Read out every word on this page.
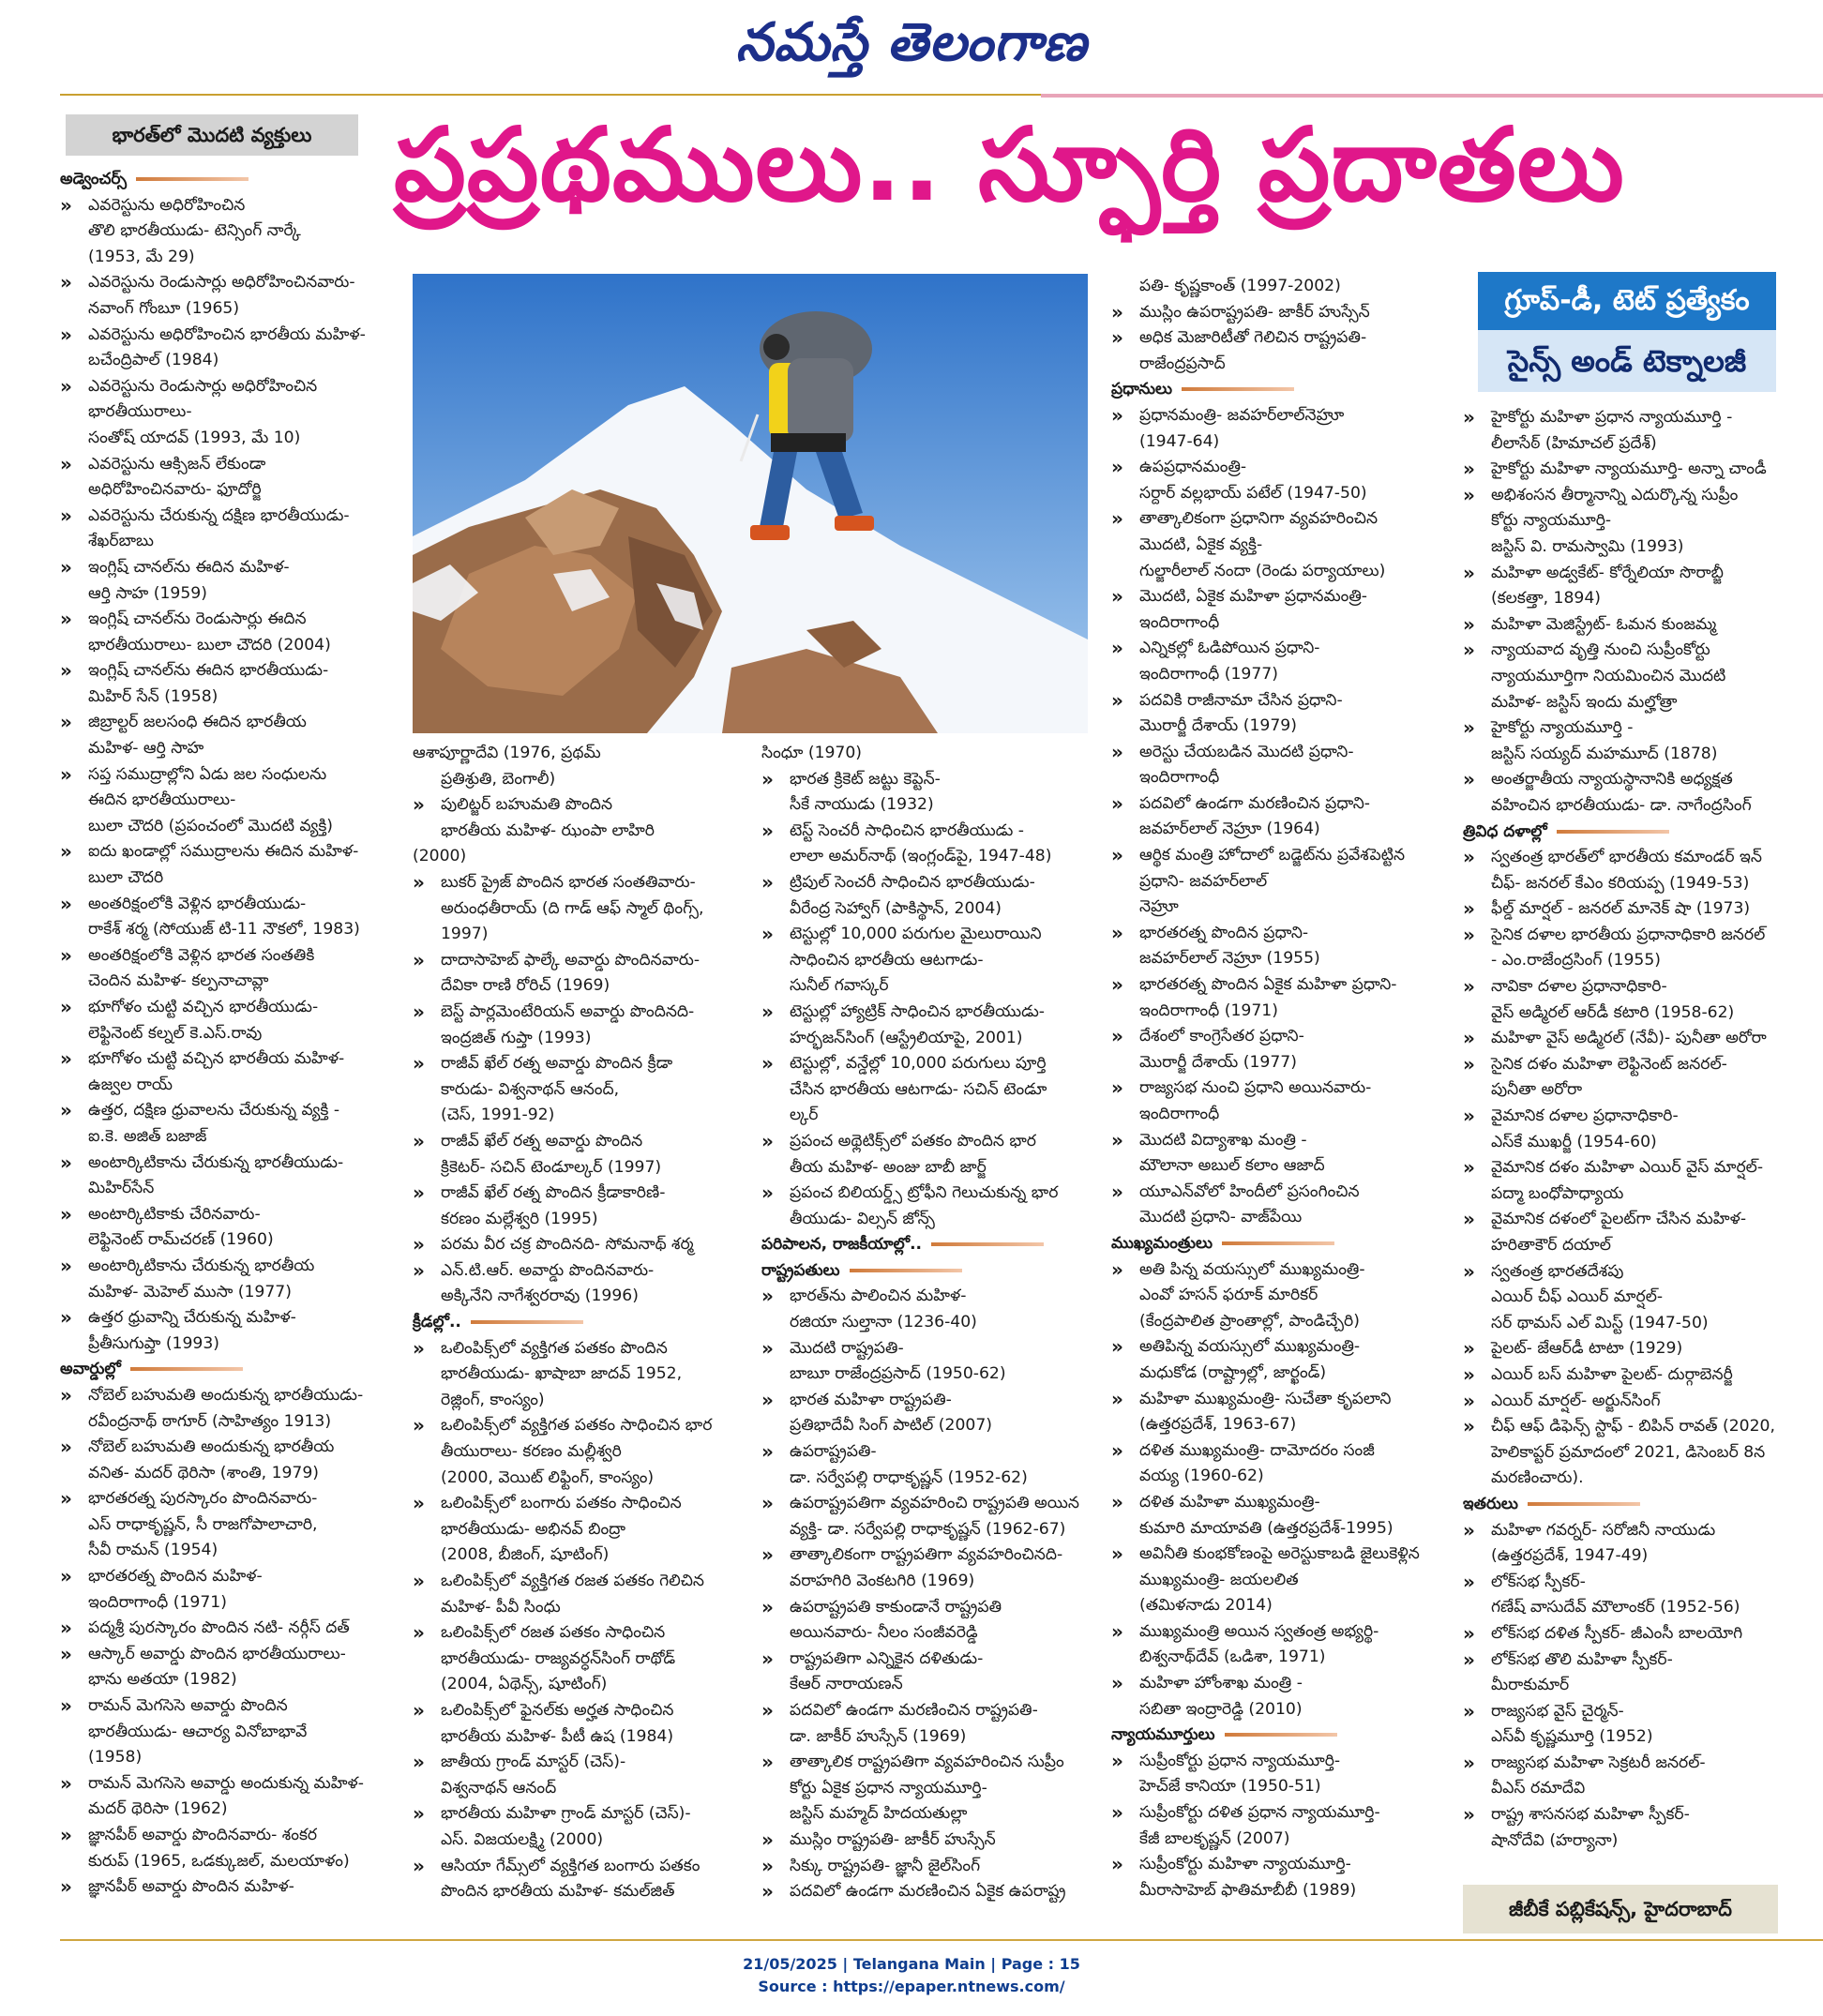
నమస్తే తెలంగాణ
భారత్‌లో మొదటి వ్యక్తులు ప్రప్రథములు.. స్ఫూర్తి ప్రదాతలు
గ్రూప్‌-డీ, టెట్‌ ప్రత్యేకం
సైన్స్‌ అండ్‌ టెక్నాలజీ

అడ్వెంచర్స్‌

» ఎవరెస్టును అధిరోహించిన

తొలి భారతీయుడు- టెన్సింగ్‌ నార్కే

(1953, మే 29)

» ఎవరెస్టును రెండుసార్లు అధిరోహించినవారు-

నవాంగ్‌ గోంబూ (1965)

» ఎవరెస్టును అధిరోహించిన భారతీయ మహిళ-

బచేంద్రిపాల్‌ (1984)

» ఎవరెస్టును రెండుసార్లు అధిరోహించిన

భారతీయురాలు-

సంతోష్‌ యాదవ్‌ (1993, మే 10)

» ఎవరెస్టును ఆక్సిజన్‌ లేకుండా

అధిరోహించినవారు- ఫూదోర్జి

» ఎవరెస్టును చేరుకున్న దక్షిణ భారతీయుడు-

శేఖర్‌బాబు

» ఇంగ్లిష్‌ చానల్‌ను ఈదిన మహిళ-

ఆర్తి సాహ (1959)

» ఇంగ్లిష్‌ చానల్‌ను రెండుసార్లు ఈదిన

భారతీయురాలు- బులా చౌదరి (2004)

» ఇంగ్లిష్‌ చానల్‌ను ఈదిన భారతీయుడు-

మిహిర్‌ సేన్‌ (1958)

» జిబ్రాల్టర్‌ జలసంధి ఈదిన భారతీయ

మహిళ- ఆర్తి సాహ

» సప్త సముద్రాల్లోని ఏడు జల సంధులను

ఈదిన భారతీయురాలు-

బులా చౌదరి (ప్రపంచంలో మొదటి వ్యక్తి)

» ఐదు ఖండాల్లో సముద్రాలను ఈదిన మహిళ-

బులా చౌదరి

» అంతరిక్షంలోకి వెళ్లిన భారతీయుడు-

రాకేశ్‌ శర్మ (సోయుజ్‌ టి-11 నౌకలో, 1983)

» అంతరిక్షంలోకి వెళ్లిన భారత సంతతికి

చెందిన మహిళ- కల్పనాచావ్లా

» భూగోళం చుట్టి వచ్చిన భారతీయుడు-

లెఫ్టినెంట్‌ కల్నల్‌ కె.ఎస్‌.రావు

» భూగోళం చుట్టి వచ్చిన భారతీయ మహిళ-

ఉజ్వల రాయ్‌

» ఉత్తర, దక్షిణ ధ్రువాలను చేరుకున్న వ్యక్తి -

ఐ.కె. అజిత్‌ బజాజ్‌

» అంటార్కిటికాను చేరుకున్న భారతీయుడు-

మిహిర్‌సేన్‌

» అంటార్కిటికాకు చేరినవారు-

లెఫ్టినెంట్‌ రామ్‌చరణ్‌ (1960)

» అంటార్కిటికాను చేరుకున్న భారతీయ

మహిళ- మెహెల్‌ ముసా (1977)

» ఉత్తర ధ్రువాన్ని చేరుకున్న మహిళ-

ప్రీతీసుగుప్తా (1993)

అవార్డుల్లో

» నోబెల్‌ బహుమతి అందుకున్న భారతీయుడు-

రవీంద్రనాథ్‌ ఠాగూర్‌ (సాహిత్యం 1913)

» నోబెల్‌ బహుమతి అందుకున్న భారతీయ

వనిత- మదర్‌ థెరిసా (శాంతి, 1979)

» భారతరత్న పురస్కారం పొందినవారు-

ఎస్‌ రాధాకృష్ణన్‌, సీ రాజగోపాలాచారి,

సీవీ రామన్‌ (1954)

» భారతరత్న పొందిన మహిళ-

ఇందిరాగాంధీ (1971)

» పద్మశ్రీ పురస్కారం పొందిన నటి- నర్గీస్‌ దత్‌

» ఆస్కార్‌ అవార్డు పొందిన భారతీయురాలు-

భాను అతయా (1982)

» రామన్‌ మెగసెసె అవార్డు పొందిన

భారతీయుడు- ఆచార్య వినోబాభావే

(1958)

» రామన్‌ మెగసెసె అవార్డు అందుకున్న మహిళ-

మదర్‌ థెరిసా (1962)

» జ్ఞానపీఠ్‌ అవార్డు పొందినవారు- శంకర

కురుప్‌ (1965, ఒడక్కుజల్‌, మలయాళం)

» జ్ఞానపీఠ్‌ అవార్డు పొందిన మహిళ-

ఆశాపూర్ణాదేవి (1976, ప్రథమ్‌

ప్రతిశ్రుతి, బెంగాలీ)

» పులిట్జర్‌ బహుమతి పొందిన

భారతీయ మహిళ- ఝంపా లాహిరి

(2000)

» బుకర్‌ ప్రైజ్‌ పొందిన భారత సంతతివారు-

అరుంధతీరాయ్‌ (ది గాడ్‌ ఆఫ్‌ స్మాల్‌ థింగ్స్‌,

1997)

» దాదాసాహెబ్‌ ఫాల్కే అవార్డు పొందినవారు-

దేవికా రాణి రోరిచ్‌ (1969)

» బెస్ట్‌ పార్లమెంటేరియన్‌ అవార్డు పొందినది-

ఇంద్రజిత్‌ గుప్తా (1993)

» రాజీవ్‌ ఖేల్‌ రత్న అవార్డు పొందిన క్రీడా

కారుడు- విశ్వనాథన్‌ ఆనంద్‌,

(చెస్‌, 1991-92)

» రాజీవ్‌ ఖేల్‌ రత్న అవార్డు పొందిన

క్రికెటర్‌- సచిన్‌ టెండూల్కర్‌ (1997)

» రాజీవ్‌ ఖేల్‌ రత్న పొందిన క్రీడాకారిణి-

కరణం మల్లేశ్వరి (1995)

» పరమ వీర చక్ర పొందినది- సోమనాథ్‌ శర్మ

» ఎన్‌.టి.ఆర్‌. అవార్డు పొందినవారు-

అక్కినేని నాగేశ్వరరావు (1996)

క్రీడల్లో..

» ఒలింపిక్స్‌లో వ్యక్తిగత పతకం పొందిన

భారతీయుడు- ఖాషాబా జాదవ్‌ 1952,

రెజ్లింగ్‌, కాంస్యం)

» ఒలింపిక్స్‌లో వ్యక్తిగత పతకం సాధించిన భార

తీయురాలు- కరణం మల్లీశ్వరి

(2000, వెయిట్‌ లిఫ్టింగ్‌, కాంస్యం)

» ఒలింపిక్స్‌లో బంగారు పతకం సాధించిన

భారతీయుడు- అభినవ్‌ బింద్రా

(2008, బీజింగ్‌, షూటింగ్‌)

» ఒలింపిక్స్‌లో వ్యక్తిగత రజత పతకం గెలిచిన

మహిళ- పీవీ సింధు

» ఒలింపిక్స్‌లో రజత పతకం సాధించిన

భారతీయుడు- రాజ్యవర్ధన్‌సింగ్‌ రాథోడ్‌

(2004, ఏథెన్స్‌, షూటింగ్‌)

» ఒలింపిక్స్‌లో ఫైనల్‌కు అర్హత సాధించిన

భారతీయ మహిళ- పీటీ ఉష (1984)

» జాతీయ గ్రాండ్‌ మాస్టర్‌ (చెస్‌)-

విశ్వనాథన్‌ ఆనంద్‌

» భారతీయ మహిళా గ్రాండ్‌ మాస్టర్‌ (చెస్‌)-

ఎస్‌. విజయలక్ష్మి (2000)

» ఆసియా గేమ్స్‌లో వ్యక్తిగత బంగారు పతకం

పొందిన భారతీయ మహిళ- కమల్‌జిత్‌

సింధూ (1970)

» భారత క్రికెట్‌ జట్టు కెప్టెన్‌-

సీకే నాయుడు (1932)

» టెస్ట్‌ సెంచరీ సాధించిన భారతీయుడు -

లాలా అమర్‌నాథ్‌ (ఇంగ్లండ్‌పై, 1947-48)

» ట్రిపుల్‌ సెంచరీ సాధించిన భారతీయుడు-

వీరేంద్ర సెహ్వాగ్‌ (పాకిస్థాన్‌, 2004)

» టెస్టుల్లో 10,000 పరుగుల మైలురాయిని

సాధించిన భారతీయ ఆటగాడు-

సునీల్‌ గవాస్కర్‌

» టెస్టుల్లో హ్యాట్రిక్‌ సాధించిన భారతీయుడు-

హర్భజన్‌సింగ్‌ (ఆస్ట్రేలియాపై, 2001)

» టెస్టుల్లో, వన్డేల్లో 10,000 పరుగులు పూర్తి

చేసిన భారతీయ ఆటగాడు- సచిన్‌ టెండూ

ల్కర్‌

» ప్రపంచ అథ్లెటిక్స్‌లో పతకం పొందిన భార

తీయ మహిళ- అంజు బాబీ జార్జ్‌

» ప్రపంచ బిలియర్డ్స్‌ ట్రోఫీని గెలుచుకున్న భార

తీయుడు- విల్సన్‌ జోన్స్‌

పరిపాలన, రాజకీయాల్లో..

రాష్ట్రపతులు

» భారత్‌ను పాలించిన మహిళ-

రజియా సుల్తానా (1236-40)

» మొదటి రాష్ట్రపతి-

బాబూ రాజేంద్రప్రసాద్‌ (1950-62)

» భారత మహిళా రాష్ట్రపతి-

ప్రతిభాదేవీ సింగ్‌ పాటిల్‌ (2007)

» ఉపరాష్ట్రపతి-

డా. సర్వేపల్లి రాధాకృష్ణన్‌ (1952-62)

» ఉపరాష్ట్రపతిగా వ్యవహరించి రాష్ట్రపతి అయిన

వ్యక్తి- డా. సర్వేపల్లి రాధాకృష్ణన్‌ (1962-67)

» తాత్కాలికంగా రాష్ట్రపతిగా వ్యవహరించినది-

వరాహగిరి వెంకటగిరి (1969)

» ఉపరాష్ట్రపతి కాకుండానే రాష్ట్రపతి

అయినవారు- నీలం సంజీవరెడ్డి

» రాష్ట్రపతిగా ఎన్నికైన దళితుడు-

కేఆర్‌ నారాయణన్‌

» పదవిలో ఉండగా మరణించిన రాష్ట్రపతి-

డా. జాకీర్‌ హుస్సేన్‌ (1969)

» తాత్కాలిక రాష్ట్రపతిగా వ్యవహరించిన సుప్రీం

కోర్టు ఏకైక ప్రధాన న్యాయమూర్తి-

జస్టిస్‌ మహ్మద్‌ హిదయతుల్లా

» ముస్లిం రాష్ట్రపతి- జాకీర్‌ హుస్సేన్‌

» సిక్కు రాష్ట్రపతి- జ్ఞానీ జైల్‌సింగ్‌

» పదవిలో ఉండగా మరణించిన ఏకైక ఉపరాష్ట్ర

పతి- కృష్ణకాంత్‌ (1997-2002)

» ముస్లిం ఉపరాష్ట్రపతి- జాకీర్‌ హుస్సేన్‌

» అధిక మెజారిటీతో గెలిచిన రాష్ట్రపతి-

రాజేంద్రప్రసాద్‌

ప్రధానులు

» ప్రధానమంత్రి- జవహర్‌లాల్‌నెహ్రూ

(1947-64)

» ఉపప్రధానమంత్రి-

సర్దార్‌ వల్లభాయ్‌ పటేల్‌ (1947-50)

» తాత్కాలికంగా ప్రధానిగా వ్యవహరించిన

మొదటి, ఏకైక వ్యక్తి-

గుల్జారీలాల్‌ నందా (రెండు పర్యాయాలు)

» మొదటి, ఏకైక మహిళా ప్రధానమంత్రి-

ఇందిరాగాంధీ

» ఎన్నికల్లో ఓడిపోయిన ప్రధాని-

ఇందిరాగాంధీ (1977)

» పదవికి రాజీనామా చేసిన ప్రధాని-

మొరార్జీ దేశాయ్‌ (1979)

» అరెస్టు చేయబడిన మొదటి ప్రధాని-

ఇందిరాగాంధీ

» పదవిలో ఉండగా మరణించిన ప్రధాని-

జవహర్‌లాల్‌ నెహ్రూ (1964)

» ఆర్థిక మంత్రి హోదాలో బడ్జెట్‌ను ప్రవేశపెట్టిన

ప్రధాని- జవహర్‌లాల్‌

నెహ్రూ

» భారతరత్న పొందిన ప్రధాని-

జవహర్‌లాల్‌ నెహ్రూ (1955)

» భారతరత్న పొందిన ఏకైక మహిళా ప్రధాని-

ఇందిరాగాంధీ (1971)

» దేశంలో కాంగ్రెసేతర ప్రధాని-

మొరార్జీ దేశాయ్‌ (1977)

» రాజ్యసభ నుంచి ప్రధాని అయినవారు-

ఇందిరాగాంధీ

» మొదటి విద్యాశాఖ మంత్రి -

మౌలానా అబుల్‌ కలాం ఆజాద్‌

» యూఎన్‌వోలో హిందీలో ప్రసంగించిన

మొదటి ప్రధాని- వాజ్‌పేయి

ముఖ్యమంత్రులు

» అతి పిన్న వయస్సులో ముఖ్యమంత్రి-

ఎంవో హసన్‌ ఫరూక్‌ మారికర్‌

(కేంద్రపాలిత ప్రాంతాల్లో, పాండిచ్చేరి)

» అతిపిన్న వయస్సులో ముఖ్యమంత్రి-

మధుకోడ (రాష్ట్రాల్లో, జార్ఖండ్‌)

» మహిళా ముఖ్యమంత్రి- సుచేతా కృపలాని

(ఉత్తరప్రదేశ్‌, 1963-67)

» దళిత ముఖ్యమంత్రి- దామోదరం సంజీ

వయ్య (1960-62)

» దళిత మహిళా ముఖ్యమంత్రి-

కుమారి మాయావతి (ఉత్తరప్రదేశ్‌-1995)

» అవినీతి కుంభకోణంపై అరెస్టుకాబడి జైలుకెళ్లిన

ముఖ్యమంత్రి- జయలలిత

(తమిళనాడు 2014)

» ముఖ్యమంత్రి అయిన స్వతంత్ర అభ్యర్థి-

బిశ్వనాథ్‌దేవ్‌ (ఒడిశా, 1971)

» మహిళా హోంశాఖ మంత్రి -

సబితా ఇంద్రారెడ్డి (2010)

న్యాయమూర్తులు

» సుప్రీంకోర్టు ప్రధాన న్యాయమూర్తి-

హెచ్‌జే కానియా (1950-51)

» సుప్రీంకోర్టు దళిత ప్రధాన న్యాయమూర్తి-

కేజీ బాలకృష్ణన్‌ (2007)

» సుప్రీంకోర్టు మహిళా న్యాయమూర్తి-

మీరాసాహెబ్‌ ఫాతిమాబీబీ (1989)

» హైకోర్టు మహిళా ప్రధాన న్యాయమూర్తి -

లీలాసేఠ్‌ (హిమాచల్‌ ప్రదేశ్‌)

» హైకోర్టు మహిళా న్యాయమూర్తి- అన్నా చాండీ

» అభిశంసన తీర్మానాన్ని ఎదుర్కొన్న సుప్రీం

కోర్టు న్యాయమూర్తి-

జస్టిస్‌ వి. రామస్వామి (1993)

» మహిళా అడ్వకేట్‌- కోర్నేలియా సొరాబ్జీ

(కలకత్తా, 1894)

» మహిళా మెజిస్ట్రేట్‌- ఓమన కుంజమ్మ

» న్యాయవాద వృత్తి నుంచి సుప్రీంకోర్టు

న్యాయమూర్తిగా నియమించిన మొదటి

మహిళ- జస్టిస్‌ ఇందు మల్హోత్రా

» హైకోర్టు న్యాయమూర్తి -

జస్టిస్‌ సయ్యద్‌ మహమూద్‌ (1878)

» అంతర్జాతీయ న్యాయస్థానానికి అధ్యక్షత

వహించిన భారతీయుడు- డా. నాగేంద్రసింగ్‌

త్రివిధ దళాల్లో

» స్వతంత్ర భారత్‌లో భారతీయ కమాండర్‌ ఇన్‌

చీఫ్‌- జనరల్‌ కేఎం కరియప్ప (1949-53)

» ఫీల్డ్‌ మార్షల్‌ - జనరల్‌ మానెక్‌ షా (1973)

» సైనిక దళాల భారతీయ ప్రధానాధికారి జనరల్‌

- ఎం.రాజేంద్రసింగ్‌ (1955)

» నావికా దళాల ప్రధానాధికారి-

వైస్‌ అడ్మిరల్‌ ఆర్‌డీ కటారి (1958-62)

» మహిళా వైస్‌ అడ్మిరల్‌ (నేవీ)- పునీతా అరోరా

» సైనిక దళం మహిళా లెఫ్టినెంట్‌ జనరల్‌-

పునీతా అరోరా

» వైమానిక దళాల ప్రధానాధికారి-

ఎస్‌కే ముఖర్జీ (1954-60)

» వైమానిక దళం మహిళా ఎయిర్‌ వైస్‌ మార్షల్‌-

పద్మా బంధోపాధ్యాయ

» వైమానిక దళంలో పైలట్‌గా చేసిన మహిళ-

హరితాకౌర్‌ దయాల్‌

» స్వతంత్ర భారతదేశపు

ఎయిర్‌ చీఫ్‌ ఎయిర్‌ మార్షల్‌-

సర్‌ థామస్‌ ఎల్‌ మిస్ట్‌ (1947-50)

» పైలట్‌- జేఆర్‌డీ టాటా (1929)

» ఎయిర్‌ బస్‌ మహిళా పైలట్‌- దుర్గాబెనర్జీ

» ఎయిర్‌ మార్షల్‌- అర్జున్‌సింగ్‌

» చీఫ్‌ ఆఫ్‌ డిఫెన్స్‌ స్టాఫ్‌ - బిపిన్‌ రావత్‌ (2020,

హెలికాప్టర్‌ ప్రమాదంలో 2021, డిసెంబర్‌ 8న

మరణించారు).

ఇతరులు

» మహిళా గవర్నర్‌- సరోజినీ నాయుడు

(ఉత్తరప్రదేశ్‌, 1947-49)

» లోక్‌సభ స్పీకర్‌-

గణేష్‌ వాసుదేవ్‌ మౌలాంకర్‌ (1952-56)

» లోక్‌సభ దళిత స్పీకర్‌- జీఎంసీ బాలయోగి

» లోక్‌సభ తొలి మహిళా స్పీకర్‌-

మీరాకుమార్‌

» రాజ్యసభ వైస్‌ చైర్మన్‌-

ఎస్‌వీ కృష్ణమూర్తి (1952)

» రాజ్యసభ మహిళా సెక్రటరీ జనరల్‌-

వీఎస్‌ రమాదేవి

» రాష్ట్ర శాసనసభ మహిళా స్పీకర్‌-

షానోదేవి (హర్యానా)

జీబీకే పబ్లికేషన్స్‌, హైదరాబాద్‌
21/05/2025 | Telangana Main | Page : 15
Source : https://epaper.ntnews.com/
